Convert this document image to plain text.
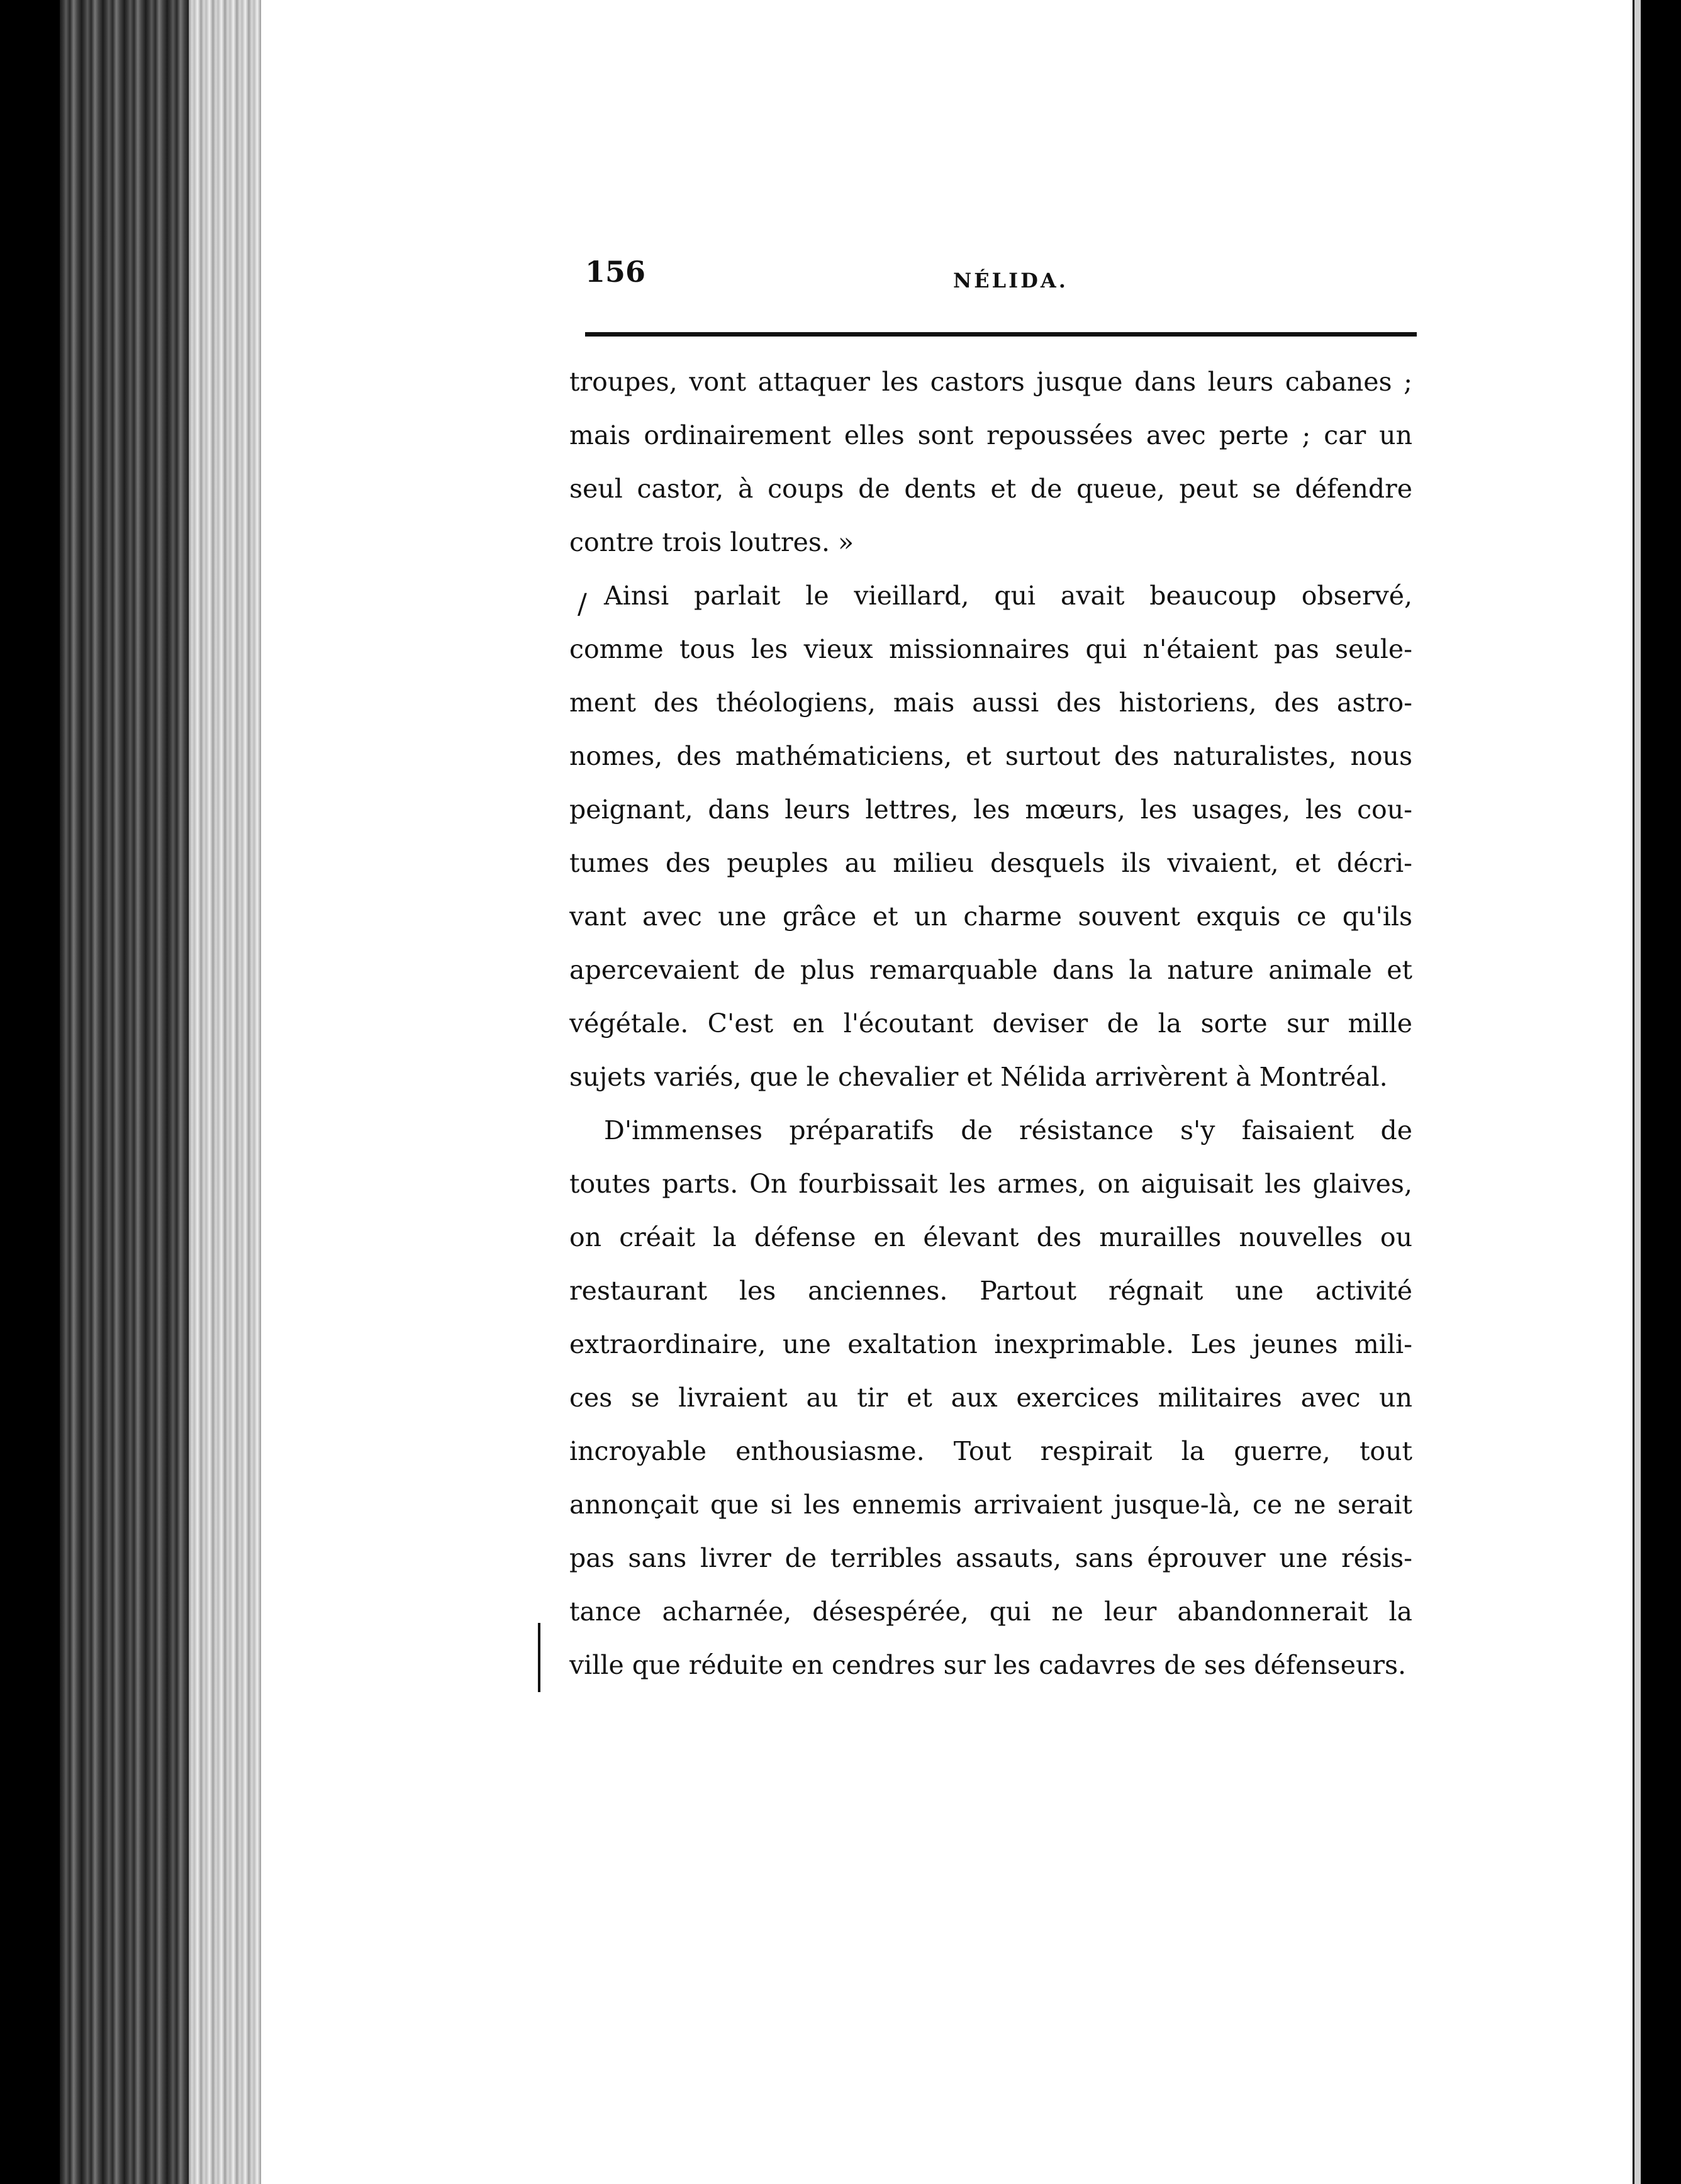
156	NÉLIDA.
/
troupes, vont attaquer les castors jusque dans leurs cabanes ;
mais ordinairement elles sont repoussées avec perte ; car un
seul castor, à coups de dents et de queue, peut se défendre
contre trois loutres. »
Ainsi parlait le vieillard, qui avait beaucoup observé,
comme tous les vieux missionnaires qui n'étaient pas seule-
ment des théologiens, mais aussi des historiens, des astro-
nomes, des mathématiciens, et surtout des naturalistes, nous
peignant, dans leurs lettres, les mœurs, les usages, les cou-
tumes des peuples au milieu desquels ils vivaient, et décri-
vant avec une grâce et un charme souvent exquis ce qu'ils
apercevaient de plus remarquable dans la nature animale et
végétale. C'est en l'écoutant deviser de la sorte sur mille
sujets variés, que le chevalier et Nélida arrivèrent à Montréal.
D'immenses préparatifs de résistance s'y faisaient de
toutes parts. On fourbissait les armes, on aiguisait les glaives,
on créait la défense en élevant des murailles nouvelles ou
restaurant les anciennes. Partout régnait une activité
extraordinaire, une exaltation inexprimable. Les jeunes mili-
ces se livraient au tir et aux exercices militaires avec un
incroyable enthousiasme. Tout respirait la guerre, tout
annonçait que si les ennemis arrivaient jusque-là, ce ne serait
pas sans livrer de terribles assauts, sans éprouver une résis-
tance acharnée, désespérée, qui ne leur abandonnerait la
ville que réduite en cendres sur les cadavres de ses défenseurs.
